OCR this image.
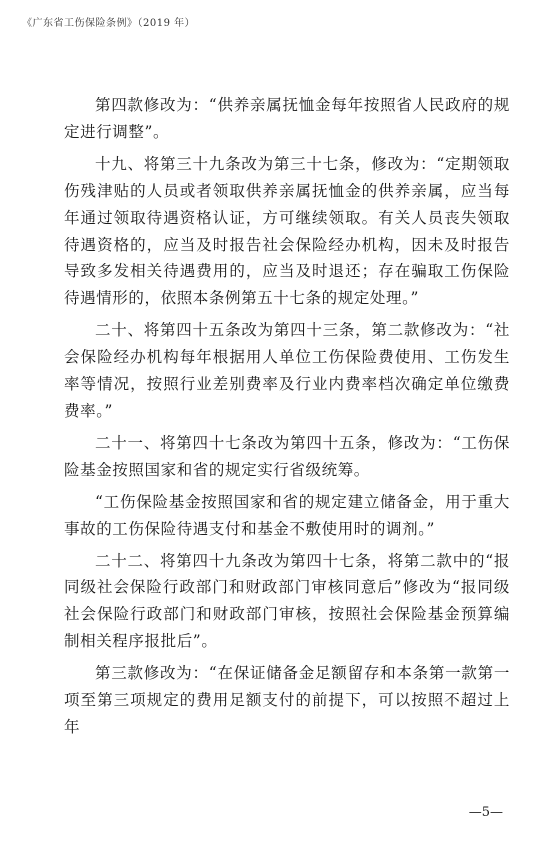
《广东省工伤保险条例》（2019 年）

第四款修改为：“供养亲属抚恤金每年按照省人民政府的规定进行调整”。

十九、将第三十九条改为第三十七条，修改为：“定期领取伤残津贴的人员或者领取供养亲属抚恤金的供养亲属，应当每年通过领取待遇资格认证，方可继续领取。有关人员丧失领取待遇资格的，应当及时报告社会保险经办机构，因未及时报告导致多发相关待遇费用的，应当及时退还；存在骗取工伤保险待遇情形的，依照本条例第五十七条的规定处理。”

二十、将第四十五条改为第四十三条，第二款修改为：“社会保险经办机构每年根据用人单位工伤保险费使用、工伤发生率等情况，按照行业差别费率及行业内费率档次确定单位缴费费率。”

二十一、将第四十七条改为第四十五条，修改为：“工伤保险基金按照国家和省的规定实行省级统筹。

“工伤保险基金按照国家和省的规定建立储备金，用于重大事故的工伤保险待遇支付和基金不敷使用时的调剂。”

二十二、将第四十九条改为第四十七条，将第二款中的“报同级社会保险行政部门和财政部门审核同意后”修改为“报同级社会保险行政部门和财政部门审核，按照社会保险基金预算编制相关程序报批后”。

第三款修改为：“在保证储备金足额留存和本条第一款第一项至第三项规定的费用足额支付的前提下，可以按照不超过上年

—5—
